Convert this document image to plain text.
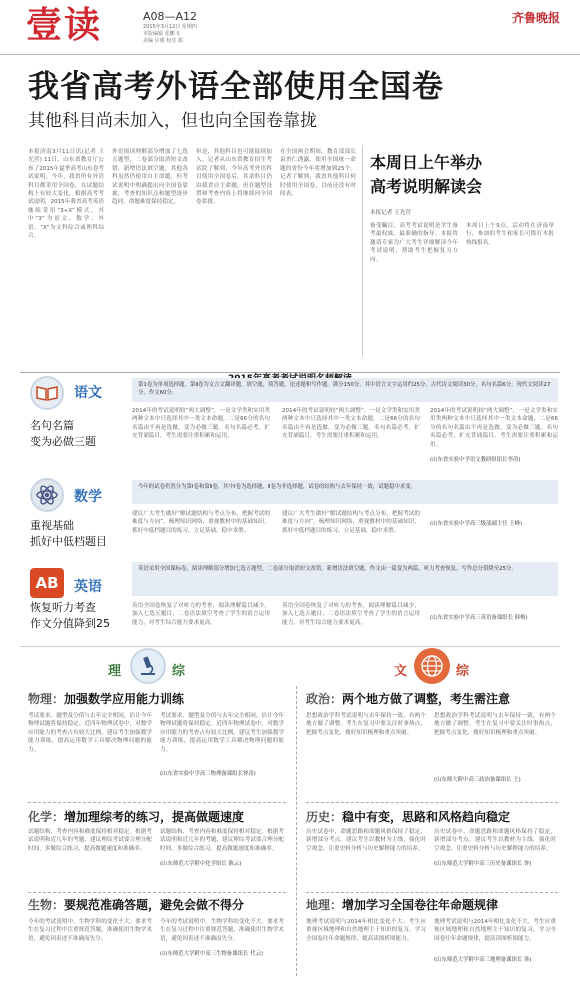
壹读	A08—A12
2015年3月12日 星期四
本版编辑 张鹏飞
美编 许瑾 校对 郭
齐鲁晚报
我省高考外语全部使用全国卷
其他科目尚未加入，但也向全国卷靠拢
本报济南3月11日讯(记者 王光营) 11日，山东省教育厅公布了2015年夏季高考山东卷考试说明。今年，我省所有外语科目都采用全国卷，在试题结构上有较大变化。根据高考考试说明，2015年我省高考英语继续采用“3+X”模式，其中“3”为语文、数学、外语，“X”为文科综合或理科综合。
外语阅读理解部分增加了七选五题型，二卷部分取消短文改错，新增语法填空题。其他各科虽然仍使用自主命题，但考试说明中明确提出向全国卷靠拢，考查的知识点和题型逐步趋同，命题难度保持稳定。
但是，其他科目也可能陆续加入。记者从山东省教育招生考试院了解到，今年高考外语科目使用全国卷后，其余科目仍由我省自主命题，但在题型设置和考查内容上将继续向全国卷靠拢。
在全国两会期间，教育部部长袁贵仁透露，使用全国统一命题的省份今年将增加到25个。记者了解到，我省其他科目何时使用全国卷，目前还没有时间表。
本周日上午举办
高考说明解读会
本报记者 王光营
备受瞩目，高考考试说明是学生备考最权威、最准确的指导。本报将邀请专家为广大考生详细解读今年考试说明，帮助考生把握复习方向。
本周日上午9点，活动将在济南举行，参加的考生和家长可拨打本报热线报名。
语文
名句名篇
变为必做三题
第1卷为单项选择题，第Ⅱ卷为文言文翻译题，填空题，简答题，论述题和写作题。满分150分，其中语言文字运用约25分，古代诗文阅读30分，名句名篇6分，现代文阅读27分，作文60分。
2014年的考试说明较“两大调整”，一是文学类和实用类两种文本中只选择其中一类文本命题，二是66分的名句名篇由不再是选做，变为必做三题。名句名篇必考，扩充背诵篇目，考生需要注重积累和运用。
2014年的考试说明较“两大调整”，一是文学类和实用类两种文本中只选择其中一类文本命题，二是66分的名句名篇由不再是选做，变为必做三题。名句名篇必考，扩充背诵篇目，考生需要注重积累和运用。
2014年的考试说明较“两大调整”，一是文学类和实用类两种文本中只选择其中一类文本命题，二是66分的名句名篇由不再是选做，变为必做三题。名句名篇必考，扩充背诵篇目，考生需要注重积累和运用。
(山东省实验中学语文教研组组长李涛)
数学
重视基础
抓好中低档题目
今年的试卷仍然分为第Ⅰ卷和第Ⅱ卷，其中Ⅰ卷为选择题，Ⅱ卷为非选择题，试卷的结构与去年保持一致，试题稳中求变。
建议广大考生做好“解试题结构与考点分布，把握考试的难度与方向”，梳理知识网络，重视教材中的基础知识，抓好中低档题目的练习，立足基础，稳中求胜。
建议广大考生做好“解试题结构与考点分布，把握考试的难度与方向”，梳理知识网络，重视教材中的基础知识，抓好中低档题目的练习，立足基础，稳中求胜。
(山东省实验中学高三级部副主任 王峰)
AB	英语
恢复听力考查
作文分值降到25
英语采用全国课标卷，阅读理解部分增加七选五题型，二卷部分取消短文改错，新增语法填空题，作文由一篇变为两篇，听力考查恢复，写作总分值降至25分。
英语全国卷恢复了对听力的考查，阅读理解篇目减少，加入七选五题目，二卷语法填空考查了学生的语言运用能力，对考生综合能力要求更高。
英语全国卷恢复了对听力的考查，阅读理解篇目减少，加入七选五题目，二卷语法填空考查了学生的语言运用能力，对考生综合能力要求更高。
(山东省实验中学高三英语备课组长 韩梅)
理	综	文	综
物理：加强数学应用能力训练
考试要求、题型及分值与去年完全相同，估计今年物理试题将保持稳定。近四年物理试卷中，对数学应用能力的考查占有较大比例，建议考生加强数学能力训练，提高运用数学工具解决物理问题的能力。
考试要求、题型及分值与去年完全相同，估计今年物理试题将保持稳定。近四年物理试卷中，对数学应用能力的考查占有较大比例，建议考生加强数学能力训练，提高运用数学工具解决物理问题的能力。
(山东省实验中学高三物理备课组长钟涛)
化学：增加理综考的练习，提高做题速度
试题结构、考查内容和难度保持相对稳定。根据考试说明和近几年的考题，建议理综考试要合理分配时间，多做综合练习，提高做题速度和准确率。
试题结构、考查内容和难度保持相对稳定。根据考试说明和近几年的考题，建议理综考试要合理分配时间，多做综合练习，提高做题速度和准确率。
(山东师范大学附中化学组长 陈云)
生物：要规范准确答题，避免会做不得分
今年的考试说明中，生物学科的变化不大。要求考生在复习过程中注重规范答题，准确使用生物学术语，避免因表述不准确而失分。
今年的考试说明中，生物学科的变化不大。要求考生在复习过程中注重规范答题，准确使用生物学术语，避免因表述不准确而失分。
(山东师范大学附中高三生物备课组长 代云)
政治：两个地方做了调整，考生需注意
思想政治学科考试说明与去年保持一致，有两个地方做了调整。考生在复习中要关注时事热点，把握考点变化，做好知识梳理和重点突破。
思想政治学科考试说明与去年保持一致，有两个地方做了调整。考生在复习中要关注时事热点，把握考点变化，做好知识梳理和重点突破。
(山东师大附中高三政治备课组长 王)
历史：稳中有变，思路和风格趋向稳定
历史试卷中，命题思路和命题风格保持了稳定，新增部分考点。建议考生以教材为主线，强化时空观念，注重史料分析与历史解释能力的培养。
历史试卷中，命题思路和命题风格保持了稳定，新增部分考点。建议考生以教材为主线，强化时空观念，注重史料分析与历史解释能力的培养。
(山东师范大学附中高三历史备课组长 钟)
地理：增加学习全国卷往年命题规律
地理考试说明与2014年相比变化不大。考生应重视区域地理和自然地理主干知识的复习，学习全国卷往年命题规律，提高读图析图能力。
地理考试说明与2014年相比变化不大。考生应重视区域地理和自然地理主干知识的复习，学习全国卷往年命题规律，提高读图析图能力。
(山东师范大学附中高三地理备课组长 韩)
